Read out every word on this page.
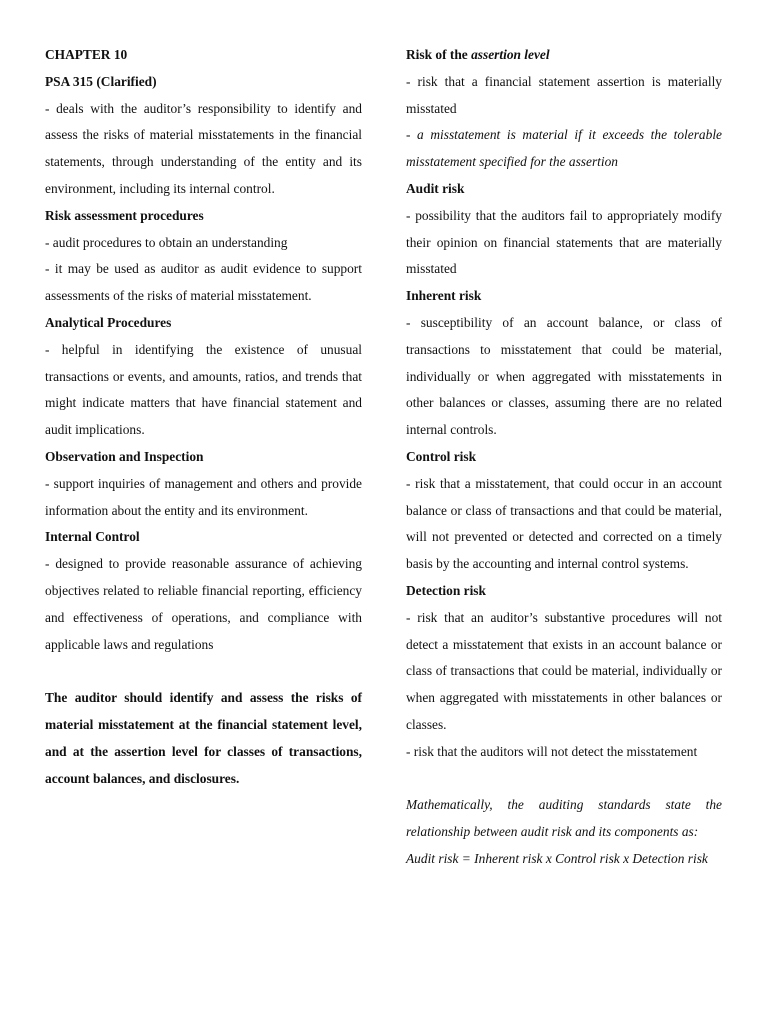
CHAPTER 10

PSA 315 (Clarified)

- deals with the auditor’s responsibility to identify and assess the risks of material misstatements in the financial statements, through understanding of the entity and its environment, including its internal control.

Risk assessment procedures

- audit procedures to obtain an understanding

- it may be used as auditor as audit evidence to support assessments of the risks of material misstatement.

Analytical Procedures

- helpful in identifying the existence of unusual transactions or events, and amounts, ratios, and trends that might indicate matters that have financial statement and audit implications.

Observation and Inspection

- support inquiries of management and others and provide information about the entity and its environment.

Internal Control

- designed to provide reasonable assurance of achieving objectives related to reliable financial reporting, efficiency and effectiveness of operations, and compliance with applicable laws and regulations

The auditor should identify and assess the risks of material misstatement at the financial statement level, and at the assertion level for classes of transactions, account balances, and disclosures.

Risk of the assertion level

- risk that a financial statement assertion is materially misstated

- a misstatement is material if it exceeds the tolerable misstatement specified for the assertion

Audit risk

- possibility that the auditors fail to appropriately modify their opinion on financial statements that are materially misstated

Inherent risk

- susceptibility of an account balance, or class of transactions to misstatement that could be material, individually or when aggregated with misstatements in other balances or classes, assuming there are no related internal controls.

Control risk

- risk that a misstatement, that could occur in an account balance or class of transactions and that could be material, will not prevented or detected and corrected on a timely basis by the accounting and internal control systems.

Detection risk

- risk that an auditor’s substantive procedures will not detect a misstatement that exists in an account balance or class of transactions that could be material, individually or when aggregated with misstatements in other balances or classes.

- risk that the auditors will not detect the misstatement

Mathematically, the auditing standards state the relationship between audit risk and its components as:

Audit risk = Inherent risk x Control risk x Detection risk
